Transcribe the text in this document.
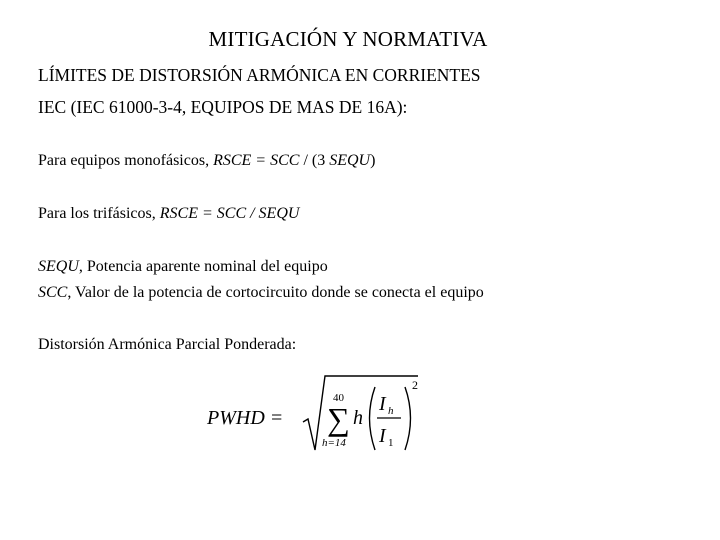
MITIGACIÓN Y NORMATIVA
LÍMITES DE DISTORSIÓN ARMÓNICA EN CORRIENTES
IEC (IEC 61000-3-4, EQUIPOS DE MAS DE 16A):
Para equipos monofásicos, RSCE = SCC / (3 SEQU)
Para los trifásicos, RSCE = SCC / SEQU
SEQU, Potencia aparente nominal del equipo
SCC, Valor de la potencia de cortocircuito donde se conecta el equipo
Distorsión Armónica Parcial Ponderada:
PWHD = ∑
40
h=14
h
I h
I 1
2
